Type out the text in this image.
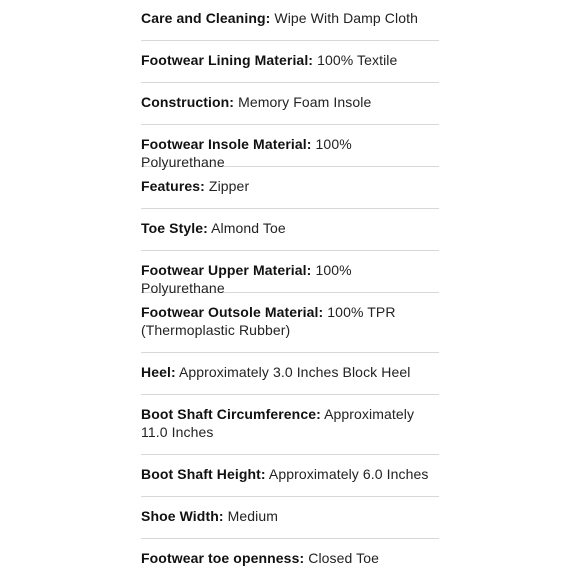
Care and Cleaning: Wipe With Damp Cloth
Footwear Lining Material: 100% Textile
Construction: Memory Foam Insole
Footwear Insole Material: 100% Polyurethane
Features: Zipper
Toe Style: Almond Toe
Footwear Upper Material: 100% Polyurethane
Footwear Outsole Material: 100% TPR (Thermoplastic Rubber)
Heel: Approximately 3.0 Inches Block Heel
Boot Shaft Circumference: Approximately 11.0 Inches
Boot Shaft Height: Approximately 6.0 Inches
Shoe Width: Medium
Footwear toe openness: Closed Toe
